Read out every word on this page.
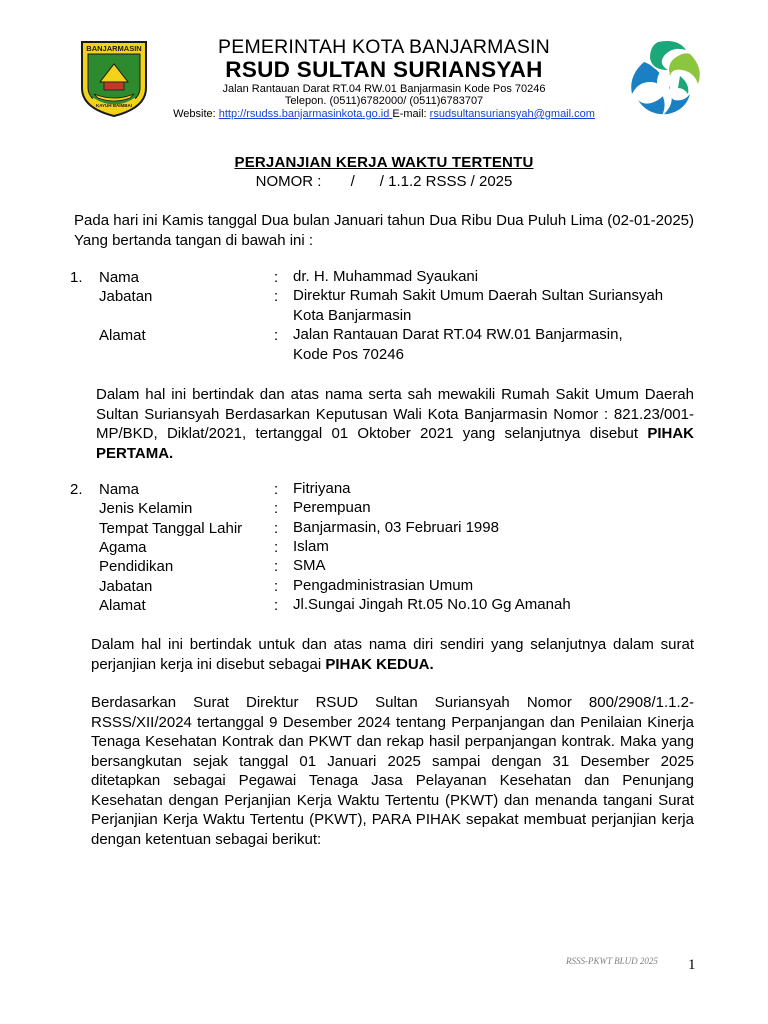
BANJARMASIN
KAYUH BAIMBAI
PEMERINTAH KOTA BANJARMASIN
RSUD SULTAN SURIANSYAH
Jalan Rantauan Darat RT.04 RW.01 Banjarmasin Kode Pos 70246
Telepon. (0511)6782000/ (0511)6783707
Website: http://rsudss.banjarmasinkota.go.id E-mail: rsudsultansuriansyah@gmail.com
PERJANJIAN KERJA WAKTU TERTENTU
NOMOR :       /      / 1.1.2 RSSS / 2025
Pada hari ini Kamis tanggal Dua bulan Januari tahun Dua Ribu Dua Puluh Lima (02-01-2025) Yang bertanda tangan di bawah ini :
1. Nama	: dr. H. Muhammad Syaukani
Jabatan	: Direktur Rumah Sakit Umum Daerah Sultan Suriansyah
Kota Banjarmasin
Alamat	: Jalan Rantauan Darat RT.04 RW.01 Banjarmasin,
Kode Pos 70246
Dalam hal ini bertindak dan atas nama serta sah mewakili Rumah Sakit Umum Daerah Sultan Suriansyah Berdasarkan Keputusan Wali Kota Banjarmasin Nomor : 821.23/001-MP/BKD, Diklat/2021, tertanggal 01 Oktober 2021 yang selanjutnya disebut PIHAK PERTAMA.
2. Nama	: Fitriyana
Jenis Kelamin	: Perempuan
Tempat Tanggal Lahir : Banjarmasin, 03 Februari 1998
Agama	: Islam
Pendidikan	: SMA
Jabatan	: Pengadministrasian Umum
Alamat	: Jl.Sungai Jingah Rt.05 No.10 Gg Amanah
Dalam hal ini bertindak untuk dan atas nama diri sendiri yang selanjutnya dalam surat perjanjian kerja ini disebut sebagai PIHAK KEDUA.
Berdasarkan Surat Direktur RSUD Sultan Suriansyah Nomor 800/2908/1.1.2-RSSS/XII/2024 tertanggal 9 Desember 2024 tentang Perpanjangan dan Penilaian Kinerja Tenaga Kesehatan Kontrak dan PKWT dan rekap hasil perpanjangan kontrak. Maka yang bersangkutan sejak tanggal 01 Januari 2025 sampai dengan 31 Desember 2025 ditetapkan sebagai Pegawai Tenaga Jasa Pelayanan Kesehatan dan Penunjang Kesehatan dengan Perjanjian Kerja Waktu Tertentu (PKWT) dan menanda tangani Surat Perjanjian Kerja Waktu Tertentu (PKWT), PARA PIHAK sepakat membuat perjanjian kerja dengan ketentuan sebagai berikut:
RSSS-PKWT BLUD 2025 1
